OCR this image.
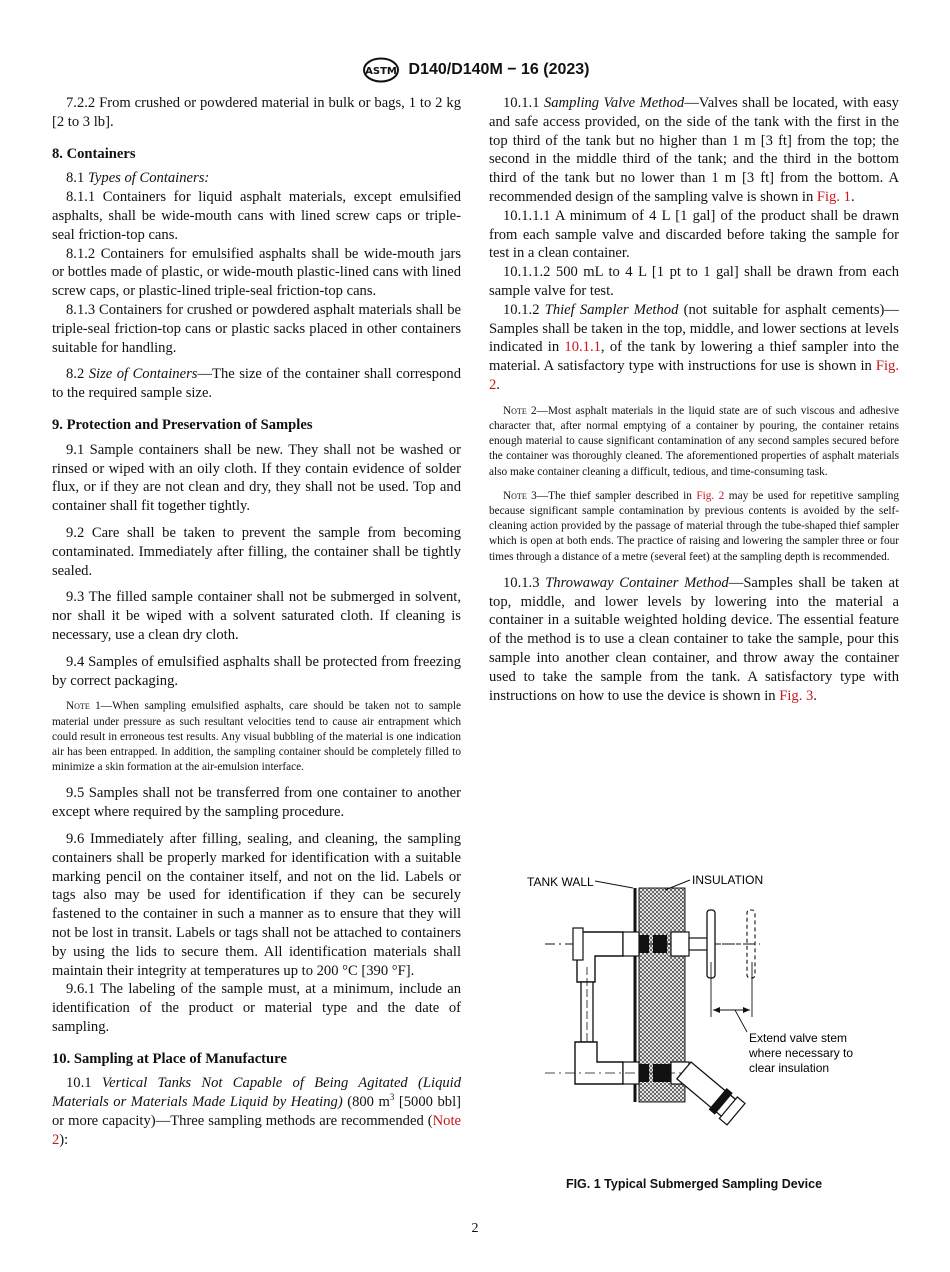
ASTM D140/D140M − 16 (2023)

7.2.2 From crushed or powdered material in bulk or bags, 1 to 2 kg [2 to 3 lb].

8. Containers

8.1 Types of Containers:

8.1.1 Containers for liquid asphalt materials, except emulsified asphalts, shall be wide-mouth cans with lined screw caps or triple-seal friction-top cans.

8.1.2 Containers for emulsified asphalts shall be wide-mouth jars or bottles made of plastic, or wide-mouth plastic-lined cans with lined screw caps, or plastic-lined triple-seal friction-top cans.

8.1.3 Containers for crushed or powdered asphalt materials shall be triple-seal friction-top cans or plastic sacks placed in other containers suitable for handling.

8.2 Size of Containers—The size of the container shall correspond to the required sample size.

9. Protection and Preservation of Samples

9.1 Sample containers shall be new. They shall not be washed or rinsed or wiped with an oily cloth. If they contain evidence of solder flux, or if they are not clean and dry, they shall not be used. Top and container shall fit together tightly.

9.2 Care shall be taken to prevent the sample from becoming contaminated. Immediately after filling, the container shall be tightly sealed.

9.3 The filled sample container shall not be submerged in solvent, nor shall it be wiped with a solvent saturated cloth. If cleaning is necessary, use a clean dry cloth.

9.4 Samples of emulsified asphalts shall be protected from freezing by correct packaging.

Note 1—When sampling emulsified asphalts, care should be taken not to sample material under pressure as such resultant velocities tend to cause air entrapment which could result in erroneous test results. Any visual bubbling of the material is one indication air has been entrapped. In addition, the sampling container should be completely filled to minimize a skin formation at the air-emulsion interface.

9.5 Samples shall not be transferred from one container to another except where required by the sampling procedure.

9.6 Immediately after filling, sealing, and cleaning, the sampling containers shall be properly marked for identification with a suitable marking pencil on the container itself, and not on the lid. Labels or tags also may be used for identification if they can be securely fastened to the container in such a manner as to ensure that they will not be lost in transit. Labels or tags shall not be attached to containers by using the lids to secure them. All identification materials shall maintain their integrity at temperatures up to 200 °C [390 °F].

9.6.1 The labeling of the sample must, at a minimum, include an identification of the product or material type and the date of sampling.

10. Sampling at Place of Manufacture

10.1 Vertical Tanks Not Capable of Being Agitated (Liquid Materials or Materials Made Liquid by Heating) (800 $m^3$ [5000 bbl] or more capacity)—Three sampling methods are recommended (Note 2):

10.1.1 Sampling Valve Method—Valves shall be located, with easy and safe access provided, on the side of the tank with the first in the top third of the tank but no higher than 1 m [3 ft] from the top; the second in the middle third of the tank; and the third in the bottom third of the tank but no lower than 1 m [3 ft] from the bottom. A recommended design of the sampling valve is shown in Fig. 1.

10.1.1.1 A minimum of 4 L [1 gal] of the product shall be drawn from each sample valve and discarded before taking the sample for test in a clean container.

10.1.1.2 500 mL to 4 L [1 pt to 1 gal] shall be drawn from each sample valve for test.

10.1.2 Thief Sampler Method (not suitable for asphalt cements)—Samples shall be taken in the top, middle, and lower sections at levels indicated in 10.1.1, of the tank by lowering a thief sampler into the material. A satisfactory type with instructions for use is shown in Fig. 2.

Note 2—Most asphalt materials in the liquid state are of such viscous and adhesive character that, after normal emptying of a container by pouring, the container retains enough material to cause significant contamination of any second samples secured before the container was thoroughly cleaned. The aforementioned properties of asphalt materials also make container cleaning a difficult, tedious, and time-consuming task.

Note 3—The thief sampler described in Fig. 2 may be used for repetitive sampling because significant sample contamination by previous contents is avoided by the self-cleaning action provided by the passage of material through the tube-shaped thief sampler which is open at both ends. The practice of raising and lowering the sampler three or four times through a distance of a metre (several feet) at the sampling depth is recommended.

10.1.3 Throwaway Container Method—Samples shall be taken at top, middle, and lower levels by lowering into the material a container in a suitable weighted holding device. The essential feature of the method is to use a clean container to take the sample, pour this sample into another clean container, and throw away the container used to take the sample from the tank. A satisfactory type with instructions on how to use the device is shown in Fig. 3.

TANK WALL	INSULATION
Extend valve stem
where necessary to
clear insulation
FIG. 1 Typical Submerged Sampling Device
2
